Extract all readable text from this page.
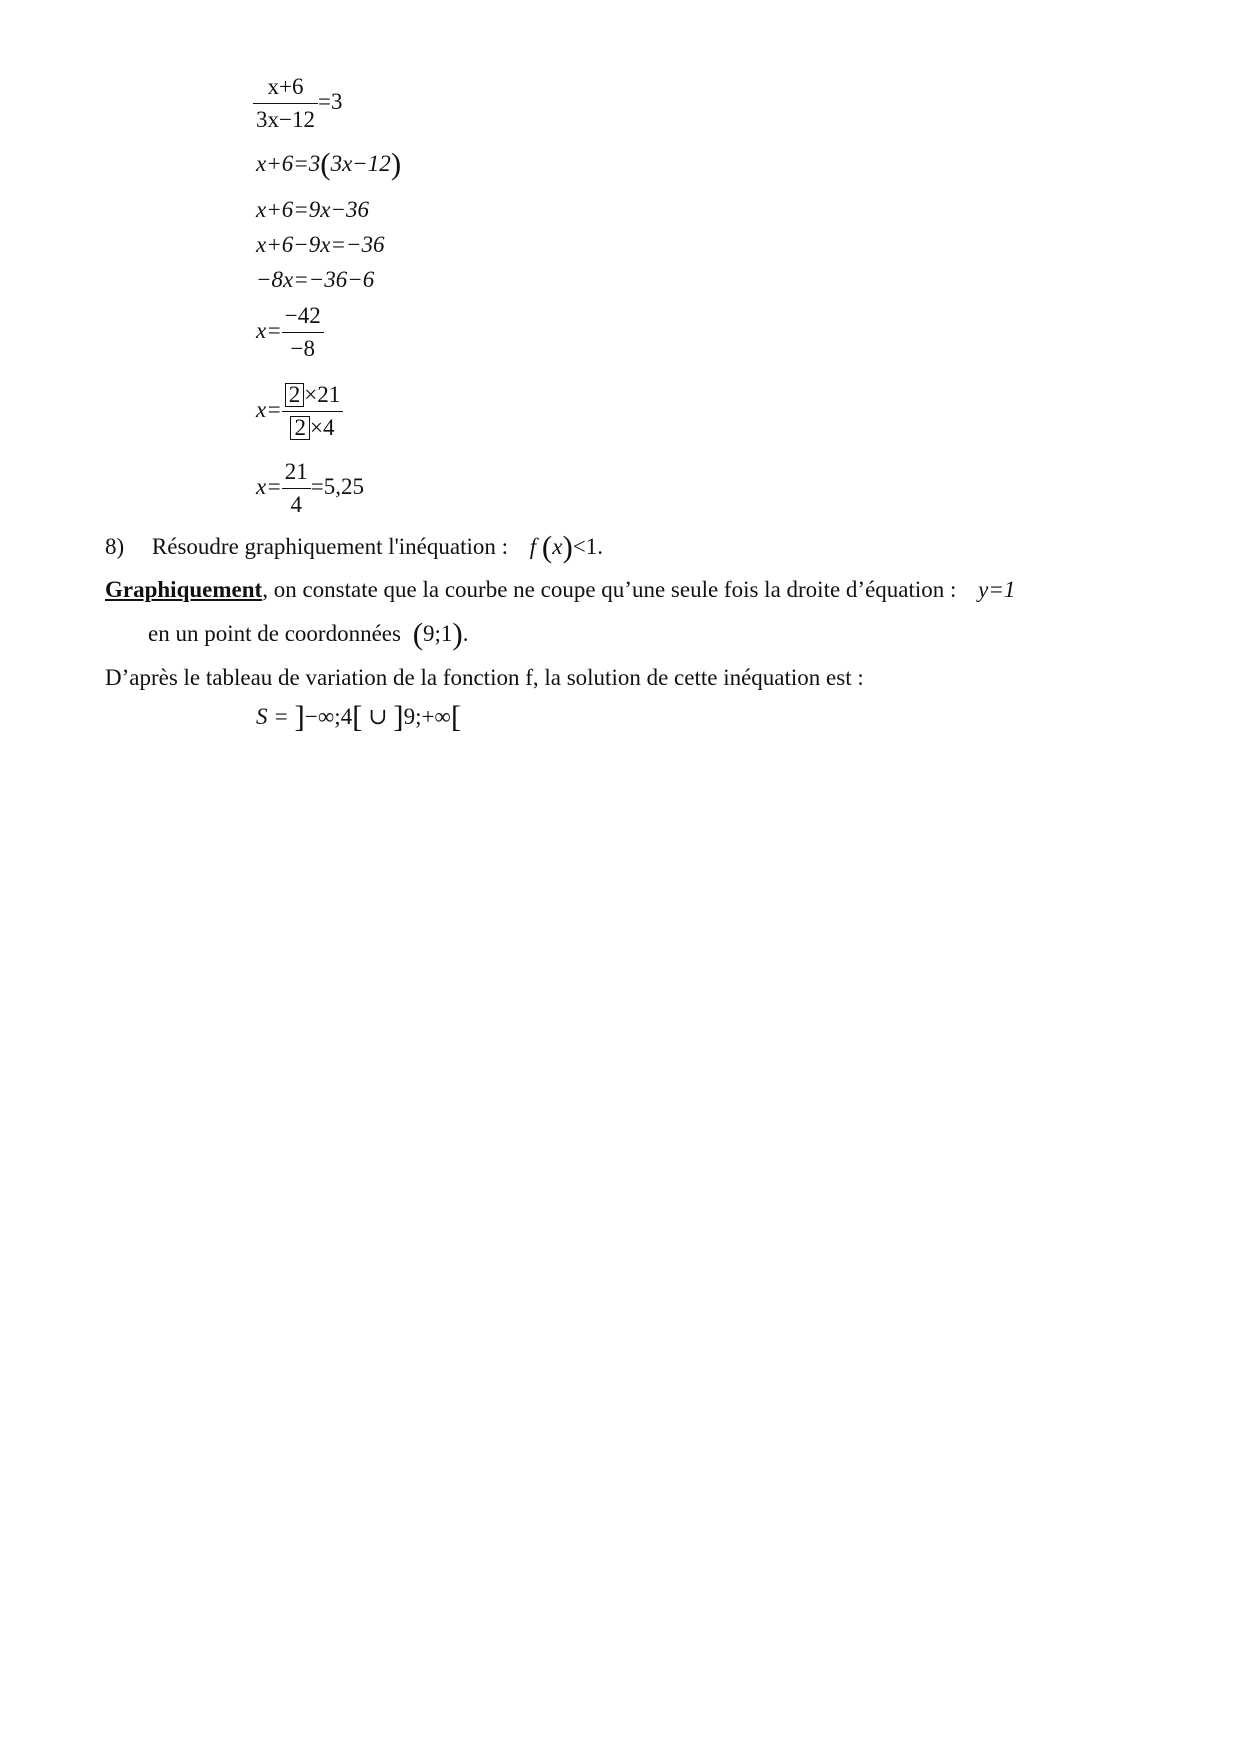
$\frac{x+6}{3x-12} =3$
x+6=3(3x−12)
x+6=9x−36
x+6−9x=−36
−8x=−36−6
$x= \frac{-42}{-8}$
$x= \frac{2 \times 21}{2 \times 4}$
$x= \frac{21}{4} =5,25$
8) Résoudre graphiquement l'inéquation : f (x)<1.
Graphiquement, on constate que la courbe ne coupe qu’une seule fois la droite d’équation : y=1
en un point de coordonnées (9;1).
D’après le tableau de variation de la fonction f, la solution de cette inéquation est :
S = ]−∞;4[ ∪ ]9;+∞[
